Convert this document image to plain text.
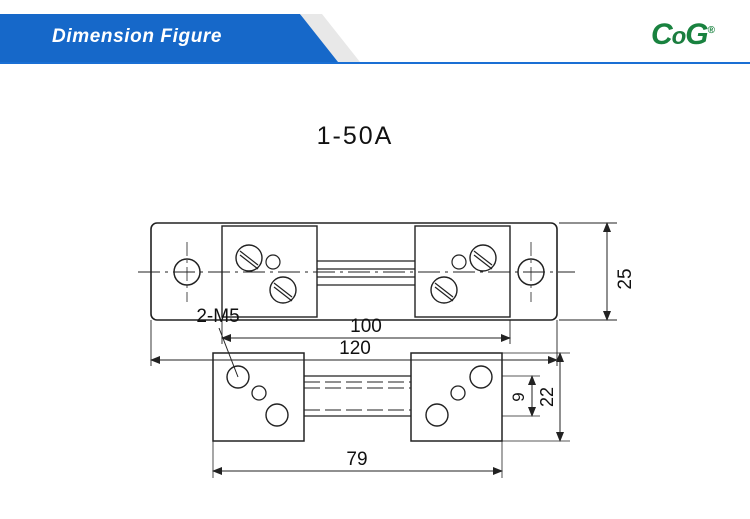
Dimension Figure	CoG®
1-50A
25
100
120
2-M5
9 22
79
